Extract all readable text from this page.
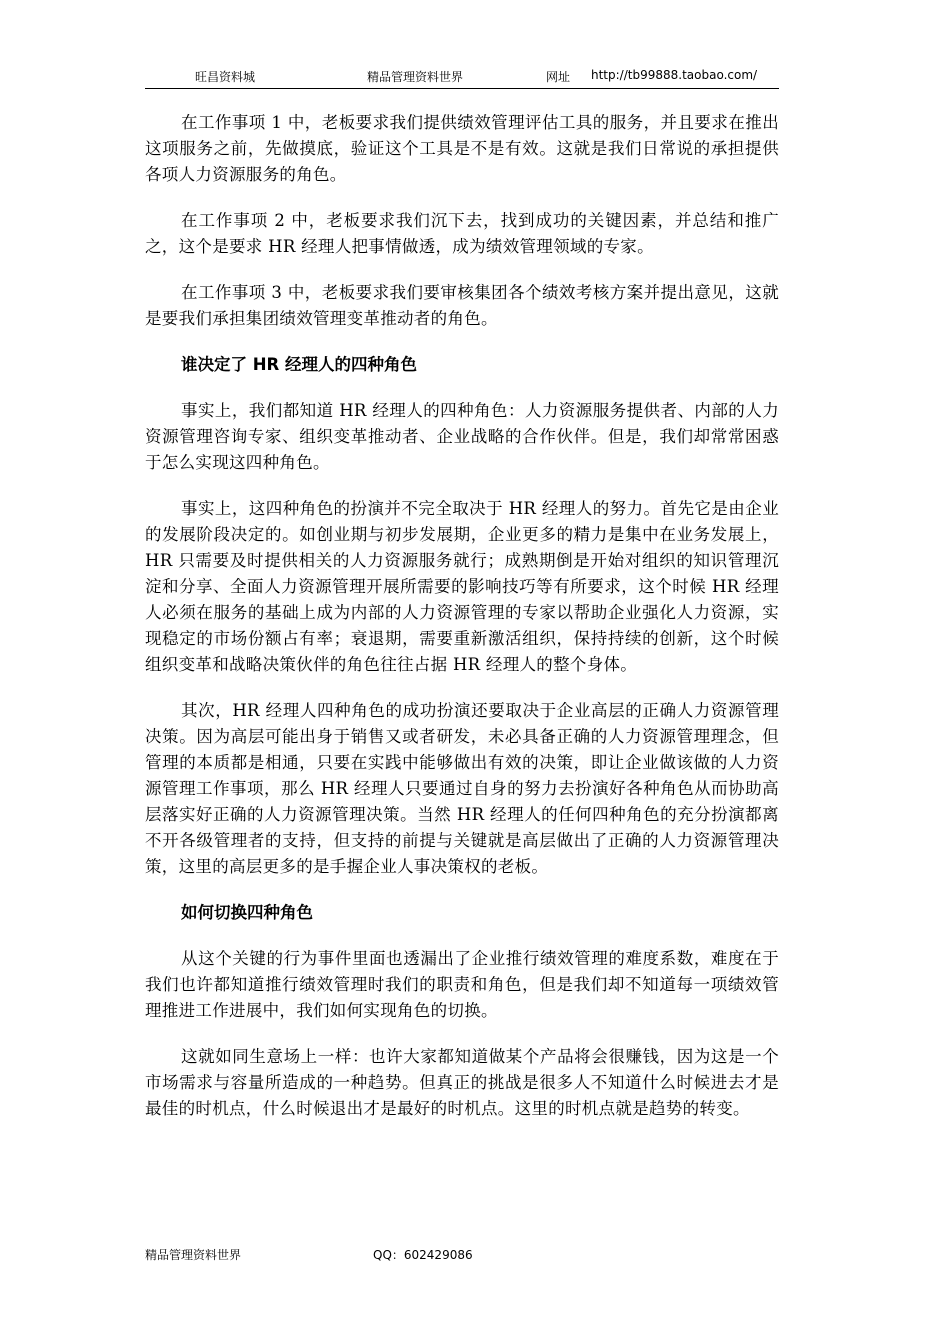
旺昌资料城	精品管理资料世界	网址 http://tb99888.taobao.com/

在工作事项 1 中，老板要求我们提供绩效管理评估工具的服务，并且要求在推出这项服务之前，先做摸底，验证这个工具是不是有效。这就是我们日常说的承担提供各项人力资源服务的角色。

在工作事项 2 中，老板要求我们沉下去，找到成功的关键因素，并总结和推广之，这个是要求 HR 经理人把事情做透，成为绩效管理领域的专家。

在工作事项 3 中，老板要求我们要审核集团各个绩效考核方案并提出意见，这就是要我们承担集团绩效管理变革推动者的角色。

谁决定了 HR 经理人的四种角色

事实上，我们都知道 HR 经理人的四种角色：人力资源服务提供者、内部的人力资源管理咨询专家、组织变革推动者、企业战略的合作伙伴。但是，我们却常常困惑于怎么实现这四种角色。

事实上，这四种角色的扮演并不完全取决于 HR 经理人的努力。首先它是由企业的发展阶段决定的。如创业期与初步发展期，企业更多的精力是集中在业务发展上，HR 只需要及时提供相关的人力资源服务就行；成熟期倒是开始对组织的知识管理沉淀和分享、全面人力资源管理开展所需要的影响技巧等有所要求，这个时候 HR 经理人必须在服务的基础上成为内部的人力资源管理的专家以帮助企业强化人力资源，实现稳定的市场份额占有率；衰退期，需要重新激活组织，保持持续的创新，这个时候组织变革和战略决策伙伴的角色往往占据 HR 经理人的整个身体。

其次，HR 经理人四种角色的成功扮演还要取决于企业高层的正确人力资源管理决策。因为高层可能出身于销售又或者研发，未必具备正确的人力资源管理理念，但管理的本质都是相通，只要在实践中能够做出有效的决策，即让企业做该做的人力资源管理工作事项，那么 HR 经理人只要通过自身的努力去扮演好各种角色从而协助高层落实好正确的人力资源管理决策。当然 HR 经理人的任何四种角色的充分扮演都离不开各级管理者的支持，但支持的前提与关键就是高层做出了正确的人力资源管理决策，这里的高层更多的是手握企业人事决策权的老板。

如何切换四种角色

从这个关键的行为事件里面也透漏出了企业推行绩效管理的难度系数，难度在于我们也许都知道推行绩效管理时我们的职责和角色，但是我们却不知道每一项绩效管理推进工作进展中，我们如何实现角色的切换。

这就如同生意场上一样：也许大家都知道做某个产品将会很赚钱，因为这是一个市场需求与容量所造成的一种趋势。但真正的挑战是很多人不知道什么时候进去才是最佳的时机点，什么时候退出才是最好的时机点。这里的时机点就是趋势的转变。

精品管理资料世界	QQ：602429086
